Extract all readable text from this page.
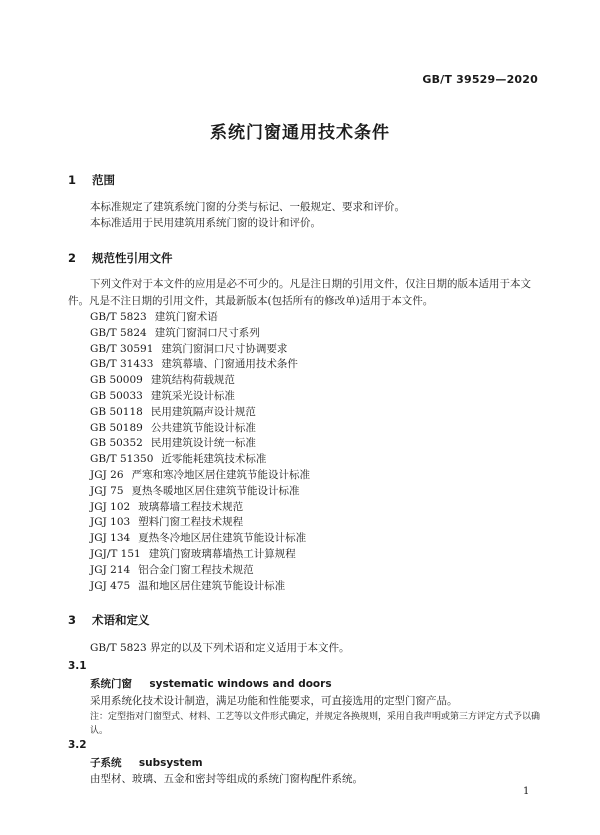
GB/T 39529—2020
系统门窗通用技术条件
1 范围
本标准规定了建筑系统门窗的分类与标记、一般规定、要求和评价。
本标准适用于民用建筑用系统门窗的设计和评价。
2 规范性引用文件
下列文件对于本文件的应用是必不可少的。凡是注日期的引用文件，仅注日期的版本适用于本文件。凡是不注日期的引用文件，其最新版本(包括所有的修改单)适用于本文件。
GB/T 5823 建筑门窗术语
GB/T 5824 建筑门窗洞口尺寸系列
GB/T 30591 建筑门窗洞口尺寸协调要求
GB/T 31433 建筑幕墙、门窗通用技术条件
GB 50009 建筑结构荷载规范
GB 50033 建筑采光设计标准
GB 50118 民用建筑隔声设计规范
GB 50189 公共建筑节能设计标准
GB 50352 民用建筑设计统一标准
GB/T 51350 近零能耗建筑技术标准
JGJ 26 严寒和寒冷地区居住建筑节能设计标准
JGJ 75 夏热冬暖地区居住建筑节能设计标准
JGJ 102 玻璃幕墙工程技术规范
JGJ 103 塑料门窗工程技术规程
JGJ 134 夏热冬冷地区居住建筑节能设计标准
JGJ/T 151 建筑门窗玻璃幕墙热工计算规程
JGJ 214 铝合金门窗工程技术规范
JGJ 475 温和地区居住建筑节能设计标准
3 术语和定义
GB/T 5823 界定的以及下列术语和定义适用于本文件。
3.1
系统门窗 systematic windows and doors
采用系统化技术设计制造，满足功能和性能要求，可直接选用的定型门窗产品。
注：定型指对门窗型式、材料、工艺等以文件形式确定，并规定各换规则，采用自我声明或第三方评定方式予以确认。
3.2
子系统 subsystem
由型材、玻璃、五金和密封等组成的系统门窗构配件系统。
1
